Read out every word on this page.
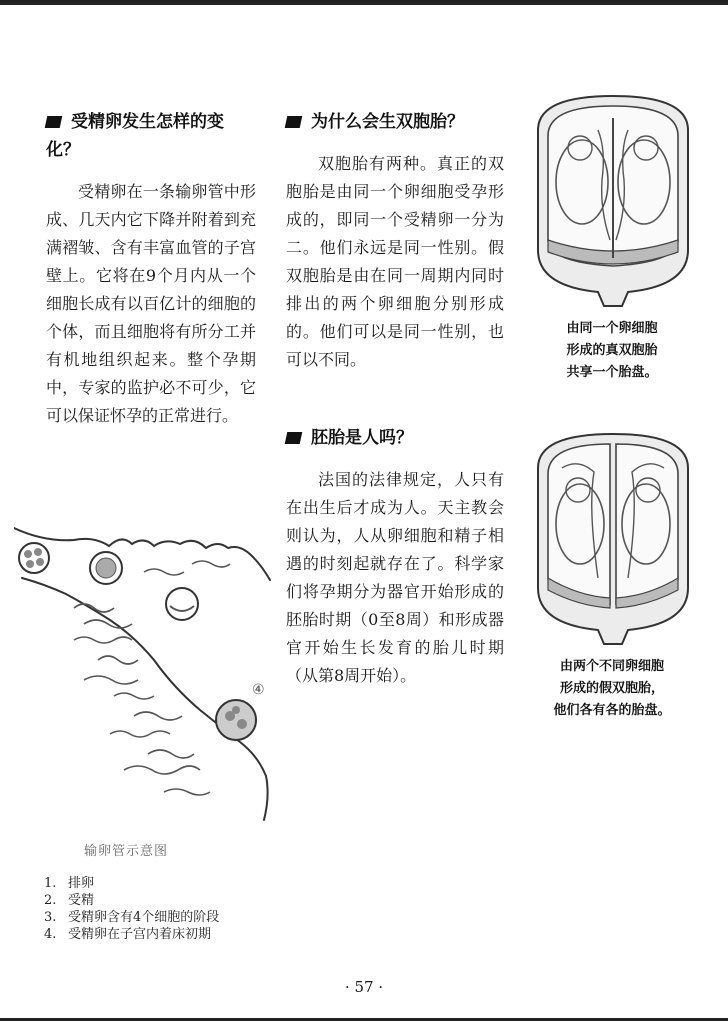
受精卵发生怎样的变化？

受精卵在一条输卵管中形成、几天内它下降并附着到充满褶皱、含有丰富血管的子宫壁上。它将在9个月内从一个细胞长成有以百亿计的细胞的个体，而且细胞将有所分工并有机地组织起来。整个孕期中，专家的监护必不可少，它可以保证怀孕的正常进行。

为什么会生双胞胎？

双胞胎有两种。真正的双胞胎是由同一个卵细胞受孕形成的，即同一个受精卵一分为二。他们永远是同一性别。假双胞胎是由在同一周期内同时排出的两个卵细胞分别形成的。他们可以是同一性别，也可以不同。

胚胎是人吗？

法国的法律规定，人只有在出生后才成为人。天主教会则认为，人从卵细胞和精子相遇的时刻起就存在了。科学家们将孕期分为器官开始形成的胚胎时期（0至8周）和形成器官开始生长发育的胎儿时期（从第8周开始）。

④
输卵管示意图
1. 排卵
2. 受精
3. 受精卵含有4个细胞的阶段
4. 受精卵在子宫内着床初期
由同一个卵细胞
形成的真双胞胎
共享一个胎盘。
由两个不同卵细胞
形成的假双胞胎，
他们各有各的胎盘。
· 57 ·
